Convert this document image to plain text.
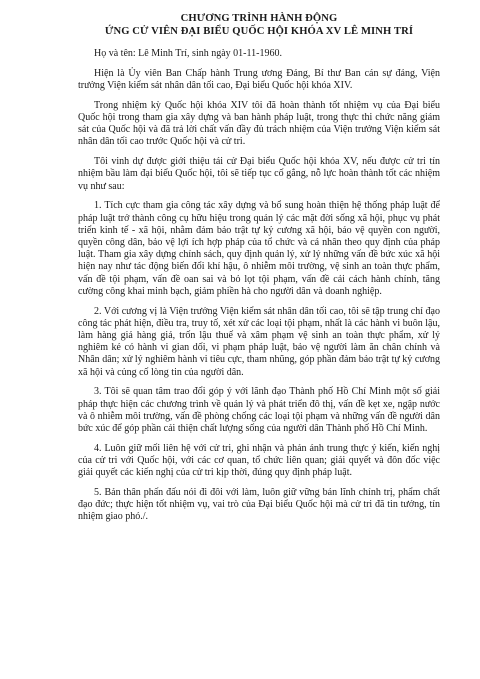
CHƯƠNG TRÌNH HÀNH ĐỘNG

ỨNG CỬ VIÊN ĐẠI BIỂU QUỐC HỘI KHÓA XV LÊ MINH TRÍ

Họ và tên: Lê Minh Trí, sinh ngày 01-11-1960.

Hiện là Ủy viên Ban Chấp hành Trung ương Đảng, Bí thư Ban cán sự đảng, Viện trưởng Viện kiểm sát nhân dân tối cao, Đại biểu Quốc hội khóa XIV.

Trong nhiệm kỳ Quốc hội khóa XIV tôi đã hoàn thành tốt nhiệm vụ của Đại biểu Quốc hội trong tham gia xây dựng và ban hành pháp luật, trong thực thi chức năng giám sát của Quốc hội và đã trả lời chất vấn đầy đủ trách nhiệm của Viện trưởng Viện kiểm sát nhân dân tối cao trước Quốc hội và cử tri.

Tôi vinh dự được giới thiệu tái cử Đại biểu Quốc hội khóa XV, nếu được cử tri tín nhiệm bầu làm đại biểu Quốc hội, tôi sẽ tiếp tục cố gắng, nỗ lực hoàn thành tốt các nhiệm vụ như sau:

1. Tích cực tham gia công tác xây dựng và bổ sung hoàn thiện hệ thống pháp luật để pháp luật trở thành công cụ hữu hiệu trong quản lý các mặt đời sống xã hội, phục vụ phát triển kinh tế - xã hội, nhằm đảm bảo trật tự kỷ cương xã hội, bảo vệ quyền con người, quyền công dân, bảo vệ lợi ích hợp pháp của tổ chức và cá nhân theo quy định của pháp luật. Tham gia xây dựng chính sách, quy định quản lý, xử lý những vấn đề bức xúc xã hội hiện nay như tác động biến đổi khí hậu, ô nhiễm môi trường, vệ sinh an toàn thực phẩm, vấn đề tội phạm, vấn đề oan sai và bỏ lọt tội phạm, vấn đề cải cách hành chính, tăng cường công khai minh bạch, giảm phiền hà cho người dân và doanh nghiệp.

2. Với cương vị là Viện trưởng Viện kiểm sát nhân dân tối cao, tôi sẽ tập trung chỉ đạo công tác phát hiện, điều tra, truy tố, xét xử các loại tội phạm, nhất là các hành vi buôn lậu, làm hàng giả hàng giả, trốn lậu thuế và xâm phạm vệ sinh an toàn thực phẩm, xử lý nghiêm kẻ có hành vi gian dối, vi phạm pháp luật, bảo vệ người làm ăn chân chính và Nhân dân; xử lý nghiêm hành vi tiêu cực, tham nhũng, góp phần đảm bảo trật tự kỷ cương xã hội và củng cố lòng tin của người dân.

3. Tôi sẽ quan tâm trao đổi góp ý với lãnh đạo Thành phố Hồ Chí Minh một số giải pháp thực hiện các chương trình về quản lý và phát triển đô thị, vấn đề kẹt xe, ngập nước và ô nhiễm môi trường, vấn đề phòng chống các loại tội phạm và những vấn đề người dân bức xúc để góp phần cải thiện chất lượng sống của người dân Thành phố Hồ Chí Minh.

4. Luôn giữ mối liên hệ với cử tri, ghi nhận và phản ánh trung thực ý kiến, kiến nghị của cử tri với Quốc hội, với các cơ quan, tổ chức liên quan; giải quyết và đôn đốc việc giải quyết các kiến nghị của cử tri kịp thời, đúng quy định pháp luật.

5. Bản thân phấn đấu nói đi đôi với làm, luôn giữ vững bản lĩnh chính trị, phẩm chất đạo đức; thực hiện tốt nhiệm vụ, vai trò của Đại biểu Quốc hội mà cử tri đã tin tưởng, tín nhiệm giao phó./.
